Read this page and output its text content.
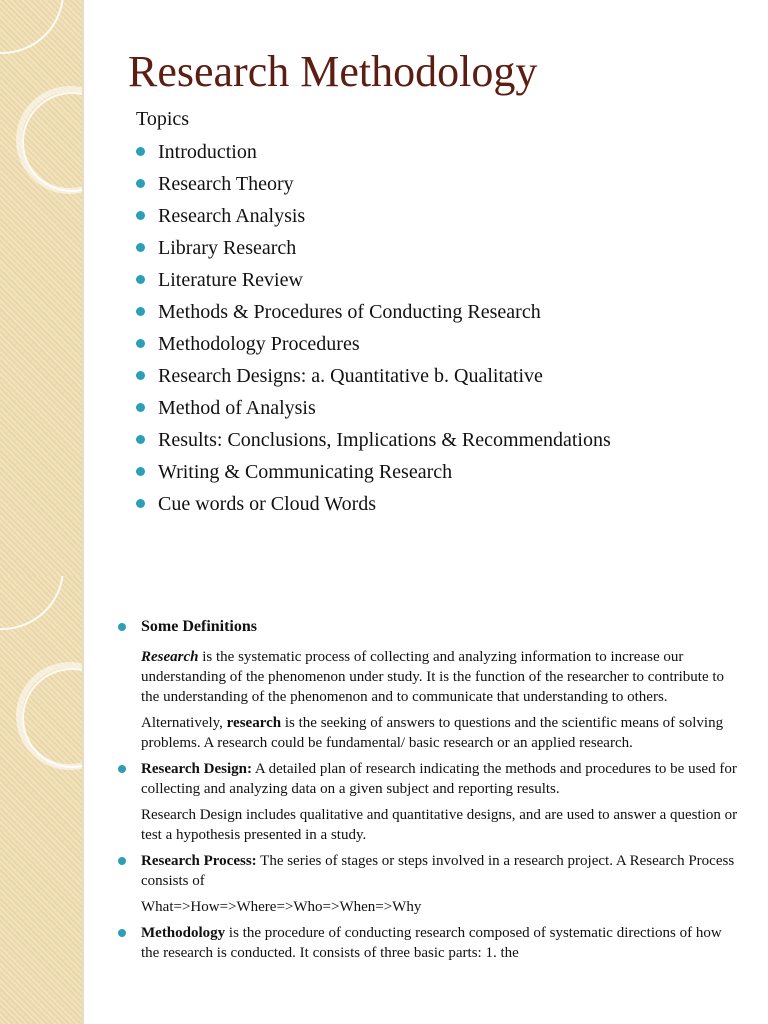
Research Methodology
Topics
Introduction
Research Theory
Research Analysis
Library Research
Literature Review
Methods & Procedures of Conducting Research
Methodology Procedures
Research Designs: a. Quantitative b. Qualitative
Method of Analysis
Results: Conclusions, Implications & Recommendations
Writing & Communicating Research
Cue words or Cloud Words

Some Definitions

Research is the systematic process of collecting and analyzing information to increase our understanding of the phenomenon under study. It is the function of the researcher to contribute to the understanding of the phenomenon and to communicate that understanding to others.

Alternatively, research is the seeking of answers to questions and the scientific means of solving problems. A research could be fundamental/ basic research or an applied research.

Research Design: A detailed plan of research indicating the methods and procedures to be used for collecting and analyzing data on a given subject and reporting results.

Research Design includes qualitative and quantitative designs, and are used to answer a question or test a hypothesis presented in a study.

Research Process: The series of stages or steps involved in a research project. A Research Process consists of

What=>How=>Where=>Who=>When=>Why

Methodology is the procedure of conducting research composed of systematic directions of how the research is conducted. It consists of three basic parts: 1. the
